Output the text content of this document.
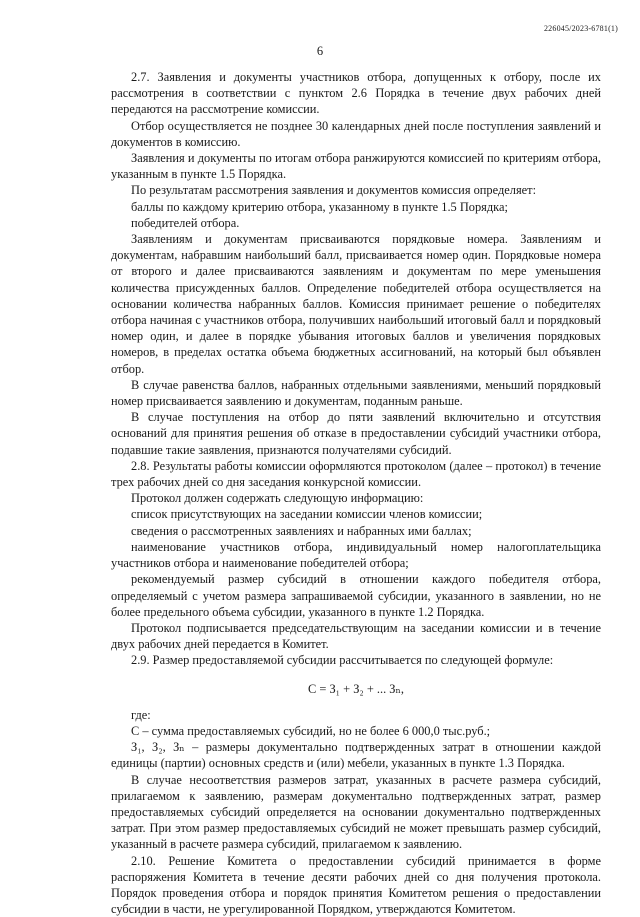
226045/2023-6781(1)
6

2.7. Заявления и документы участников отбора, допущенных к отбору, после их рассмотрения в соответствии с пунктом 2.6 Порядка в течение двух рабочих дней передаются на рассмотрение комиссии.

Отбор осуществляется не позднее 30 календарных дней после поступления заявлений и документов в комиссию.

Заявления и документы по итогам отбора ранжируются комиссией по критериям отбора, указанным в пункте 1.5 Порядка.

По результатам рассмотрения заявления и документов комиссия определяет:

баллы по каждому критерию отбора, указанному в пункте 1.5 Порядка;

победителей отбора.

Заявлениям и документам присваиваются порядковые номера. Заявлениям и документам, набравшим наибольший балл, присваивается номер один. Порядковые номера от второго и далее присваиваются заявлениям и документам по мере уменьшения количества присужденных баллов. Определение победителей отбора осуществляется на основании количества набранных баллов. Комиссия принимает решение о победителях отбора начиная с участников отбора, получивших наибольший итоговый балл и порядковый номер один, и далее в порядке убывания итоговых баллов и увеличения порядковых номеров, в пределах остатка объема бюджетных ассигнований, на который был объявлен отбор.

В случае равенства баллов, набранных отдельными заявлениями, меньший порядковый номер присваивается заявлению и документам, поданным раньше.

В случае поступления на отбор до пяти заявлений включительно и отсутствия оснований для принятия решения об отказе в предоставлении субсидий участники отбора, подавшие такие заявления, признаются получателями субсидий.

2.8. Результаты работы комиссии оформляются протоколом (далее – протокол) в течение трех рабочих дней со дня заседания конкурсной комиссии.

Протокол должен содержать следующую информацию:

список присутствующих на заседании комиссии членов комиссии;

сведения о рассмотренных заявлениях и набранных ими баллах;

наименование участников отбора, индивидуальный номер налогоплательщика участников отбора и наименование победителей отбора;

рекомендуемый размер субсидий в отношении каждого победителя отбора, определяемый с учетом размера запрашиваемой субсидии, указанного в заявлении, но не более предельного объема субсидии, указанного в пункте 1.2 Порядка.

Протокол подписывается председательствующим на заседании комиссии и в течение двух рабочих дней передается в Комитет.

2.9. Размер предоставляемой субсидии рассчитывается по следующей формуле:

С = З₁ + З₂ + ... Зₙ,

где:

С – сумма предоставляемых субсидий, но не более 6 000,0 тыс.руб.;

З₁, З₂, Зₙ – размеры документально подтвержденных затрат в отношении каждой единицы (партии) основных средств и (или) мебели, указанных в пункте 1.3 Порядка.

В случае несоответствия размеров затрат, указанных в расчете размера субсидий, прилагаемом к заявлению, размерам документально подтвержденных затрат, размер предоставляемых субсидий определяется на основании документально подтвержденных затрат. При этом размер предоставляемых субсидий не может превышать размер субсидий, указанный в расчете размера субсидий, прилагаемом к заявлению.

2.10. Решение Комитета о предоставлении субсидий принимается в форме распоряжения Комитета в течение десяти рабочих дней со дня получения протокола. Порядок проведения отбора и порядок принятия Комитетом решения о предоставлении субсидии в части, не урегулированной Порядком, утверждаются Комитетом.
